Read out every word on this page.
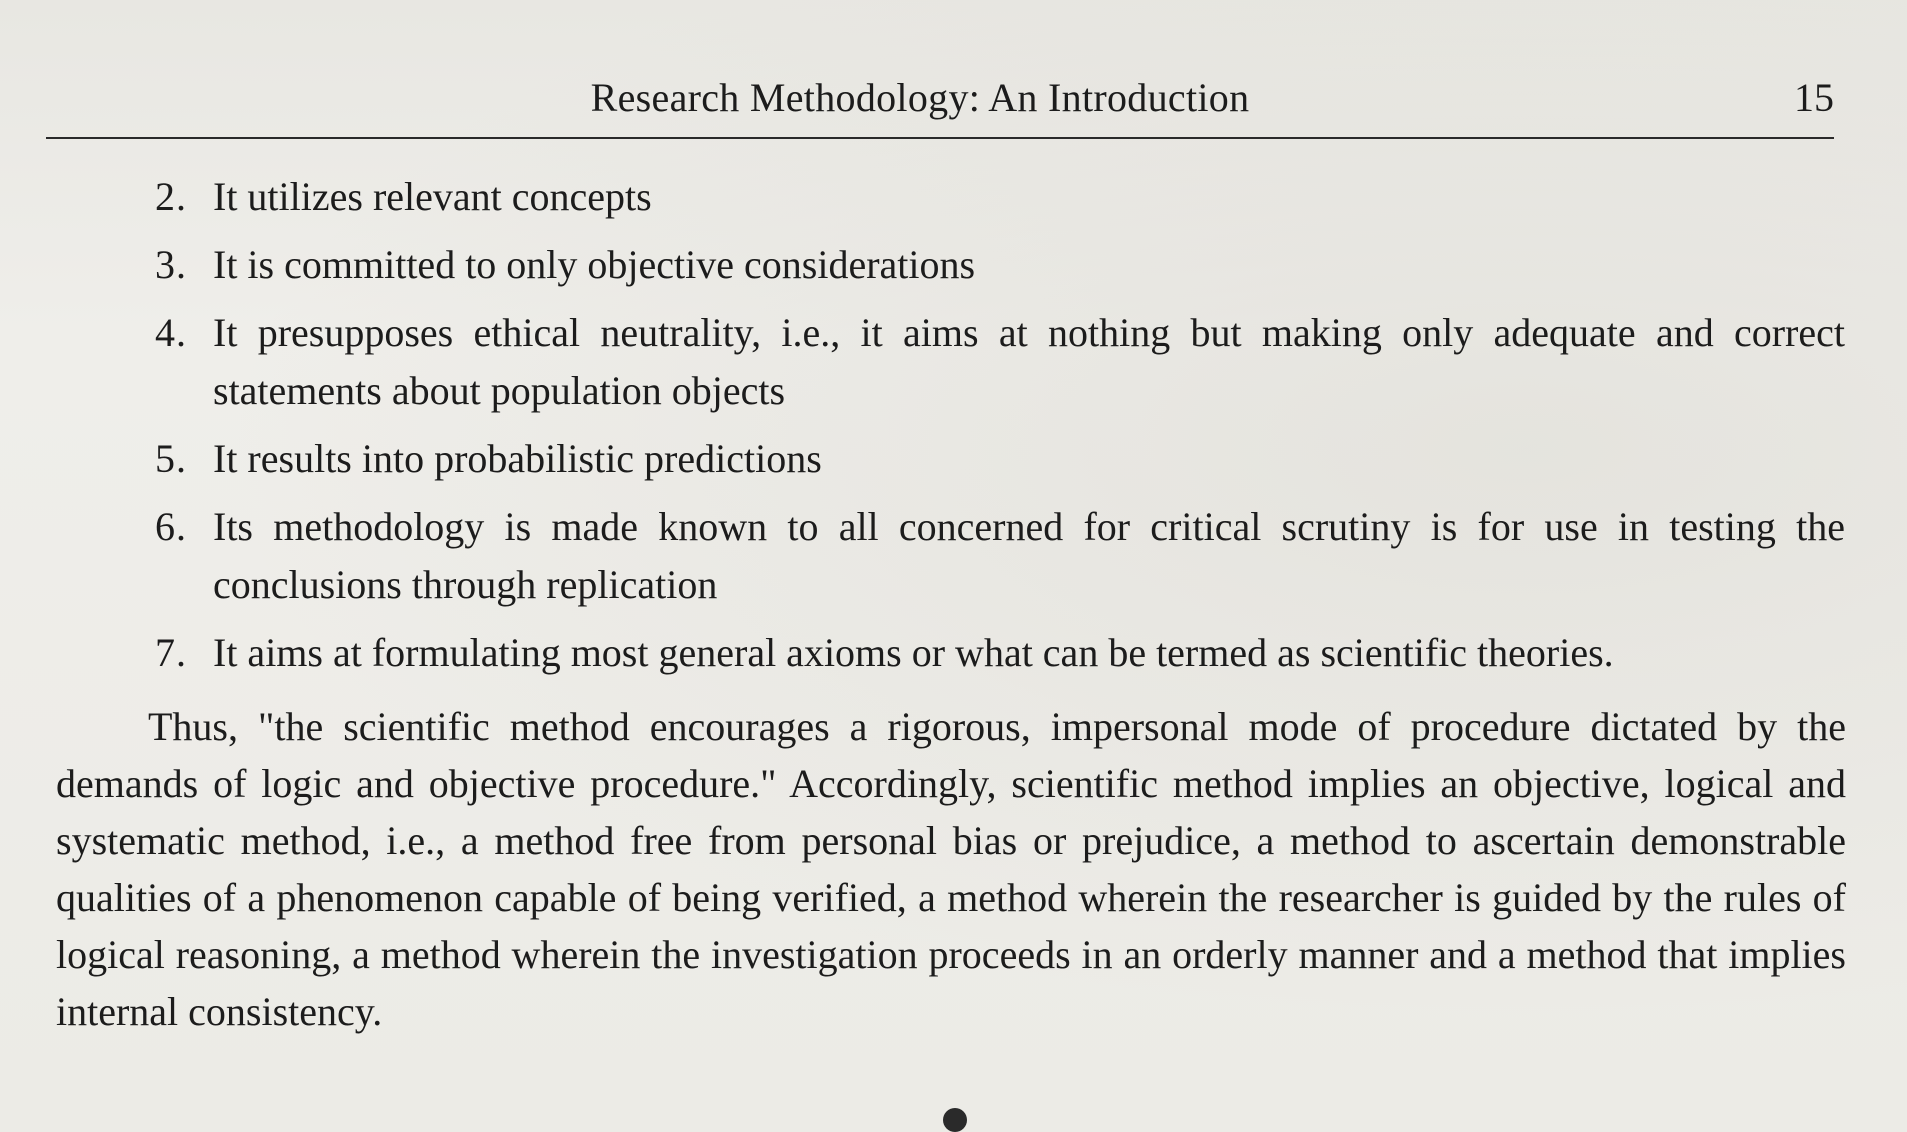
Research Methodology: An Introduction	15
2. It utilizes relevant concepts
3. It is committed to only objective considerations
4. It presupposes ethical neutrality, i.e., it aims at nothing but making only adequate and correct statements about population objects
5. It results into probabilistic predictions
6. Its methodology is made known to all concerned for critical scrutiny is for use in testing the conclusions through replication
7. It aims at formulating most general axioms or what can be termed as scientific theories.

Thus, "the scientific method encourages a rigorous, impersonal mode of procedure dictated by the demands of logic and objective procedure." Accordingly, scientific method implies an objective, logical and systematic method, i.e., a method free from personal bias or prejudice, a method to ascertain demonstrable qualities of a phenomenon capable of being verified, a method wherein the researcher is guided by the rules of logical reasoning, a method wherein the investigation proceeds in an orderly manner and a method that implies internal consistency.
